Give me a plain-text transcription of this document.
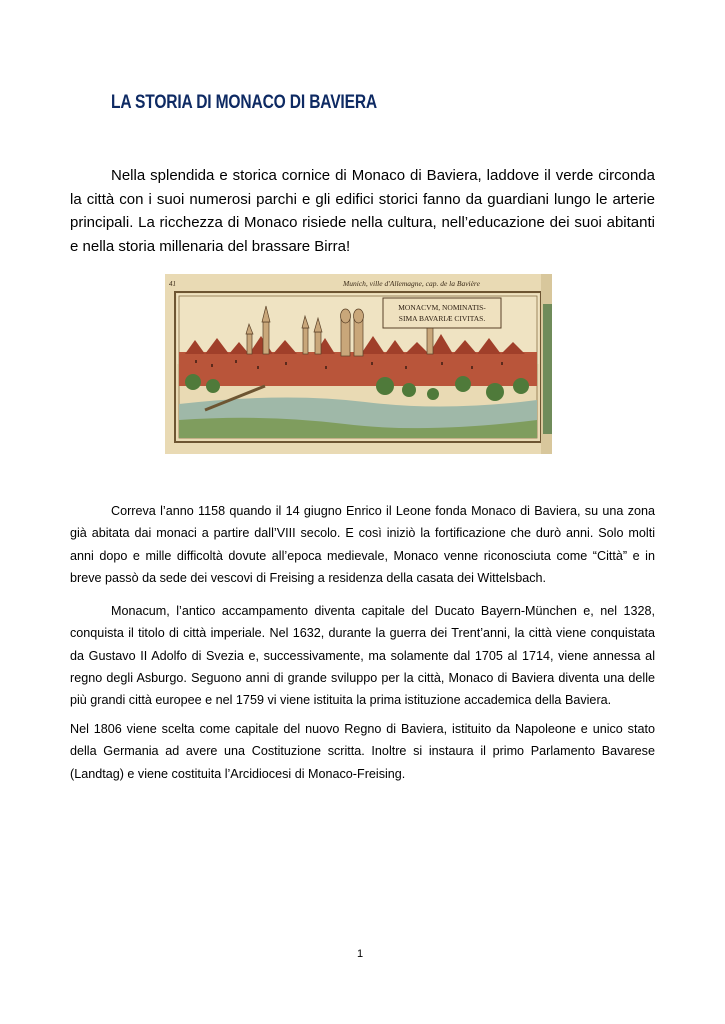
LA STORIA DI MONACO DI BAVIERA

Nella splendida e storica cornice di Monaco di Baviera, laddove il verde circonda la città con i suoi numerosi parchi e gli edifici storici fanno da guardiani lungo le arterie principali. La ricchezza di Monaco risiede nella cultura, nell’educazione dei suoi abitanti e nella storia millenaria del brassare Birra!

MONACVM, NOMINATIS-
SIMA BAVARIÆ CIVITAS.
Munich, ville d'Allemagne, cap. de la Bavière
41

Correva l’anno 1158 quando il 14 giugno Enrico il Leone fonda Monaco di Baviera, su una zona già abitata dai monaci a partire dall’VIII secolo. E così iniziò la fortificazione che durò anni. Solo molti anni dopo e mille difficoltà dovute all’epoca medievale, Monaco venne riconosciuta come “Città” e in breve passò da sede dei vescovi di Freising a residenza della casata dei Wittelsbach.

Monacum, l’antico accampamento diventa capitale del Ducato Bayern-München e, nel 1328, conquista il titolo di città imperiale. Nel 1632, durante la guerra dei Trent’anni, la città viene conquistata da Gustavo II Adolfo di Svezia e, successivamente, ma solamente dal 1705 al 1714, viene annessa al regno degli Asburgo. Seguono anni di grande sviluppo per la città, Monaco di Baviera diventa una delle più grandi città europee e nel 1759 vi viene istituita la prima istituzione accademica della Baviera.

Nel 1806 viene scelta come capitale del nuovo Regno di Baviera, istituito da Napoleone e unico stato della Germania ad avere una Costituzione scritta. Inoltre si instaura il primo Parlamento Bavarese (Landtag) e viene costituita l’Arcidiocesi di Monaco-Freising.

1
